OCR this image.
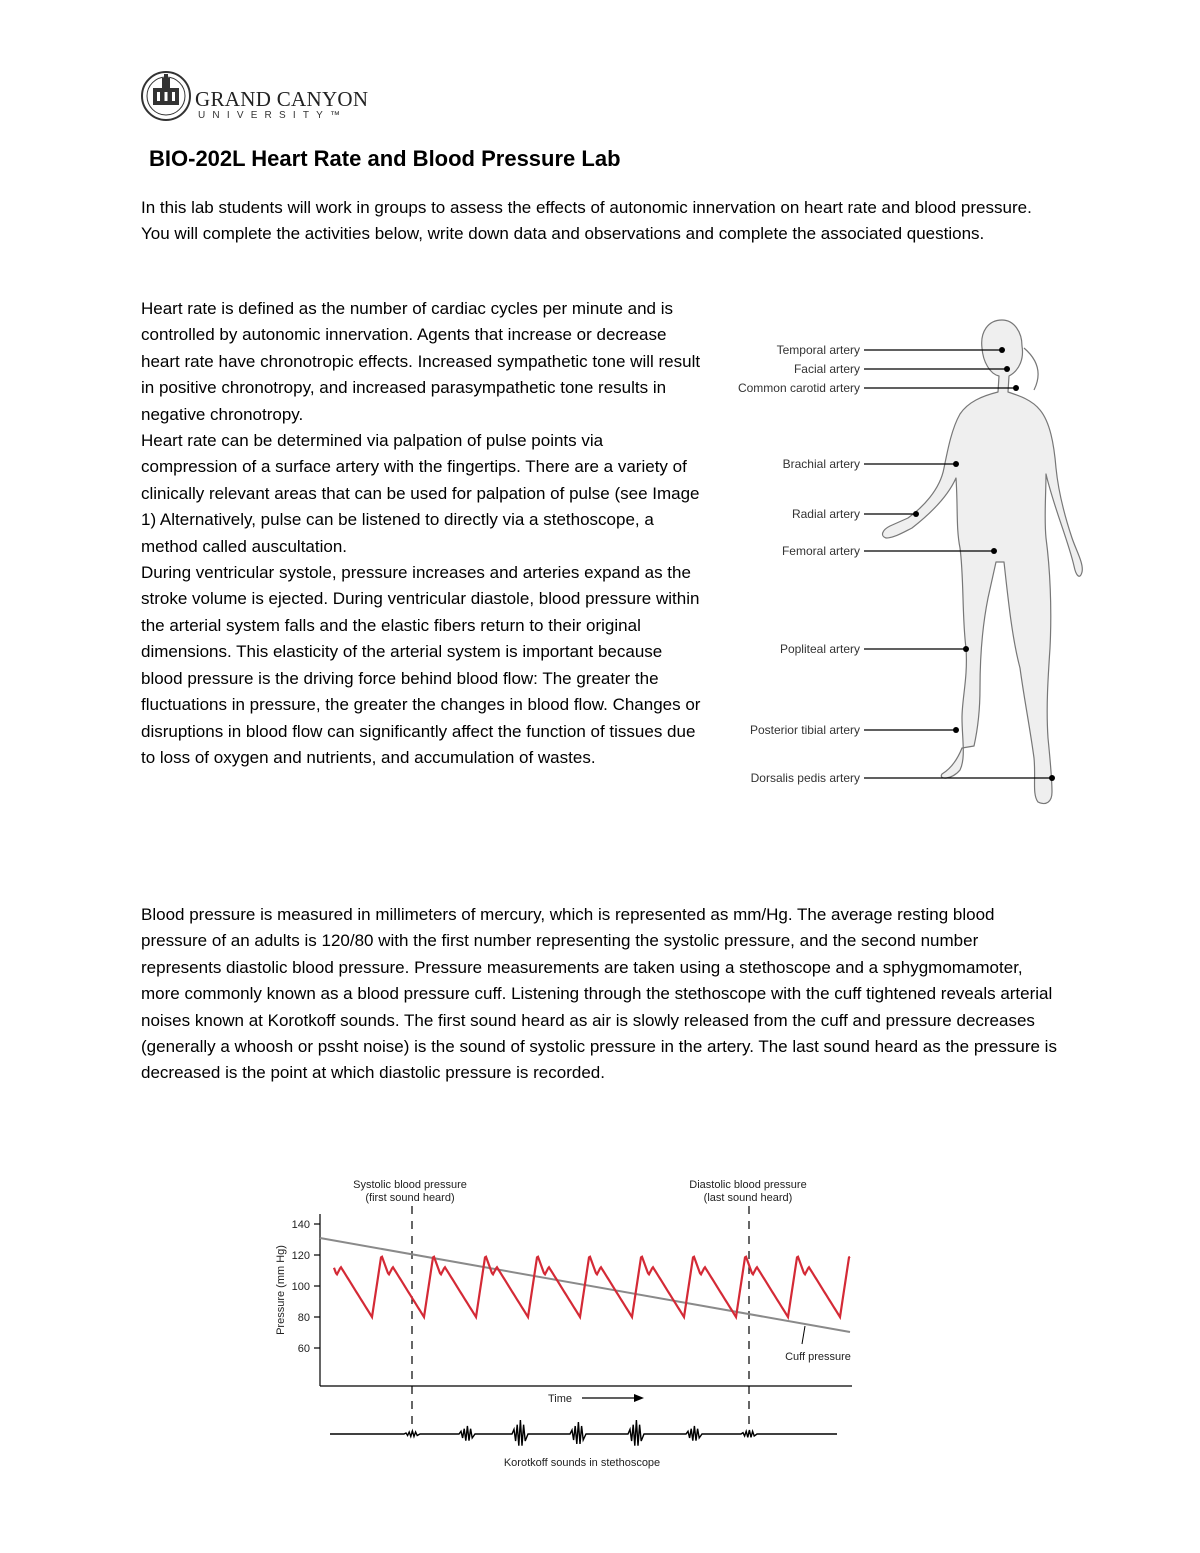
GRAND CANYON
UNIVERSITY™
BIO-202L Heart Rate and Blood Pressure Lab
In this lab students will work in groups to assess the effects of autonomic innervation on heart rate and blood pressure. You will complete the activities below, write down data and observations and complete the associated questions.
Heart rate is defined as the number of cardiac cycles per minute and is controlled by autonomic innervation. Agents that increase or decrease heart rate have chronotropic effects. Increased sympathetic tone will result in positive chronotropy, and increased parasympathetic tone results in negative chronotropy.
Heart rate can be determined via palpation of pulse points via compression of a surface artery with the fingertips. There are a variety of clinically relevant areas that can be used for palpation of pulse (see Image 1) Alternatively, pulse can be listened to directly via a stethoscope, a method called auscultation.
During ventricular systole, pressure increases and arteries expand as the stroke volume is ejected. During ventricular diastole, blood pressure within the arterial system falls and the elastic fibers return to their original dimensions. This elasticity of the arterial system is important because blood pressure is the driving force behind blood flow: The greater the fluctuations in pressure, the greater the changes in blood flow. Changes or disruptions in blood flow can significantly affect the function of tissues due to loss of oxygen and nutrients, and accumulation of wastes.
Temporal artery
Facial artery
Common carotid artery
Brachial artery
Radial artery
Femoral artery
Popliteal artery
Posterior tibial artery
Dorsalis pedis artery
Blood pressure is measured in millimeters of mercury, which is represented as mm/Hg. The average resting blood pressure of an adults is 120/80 with the first number representing the systolic pressure, and the second number represents diastolic blood pressure. Pressure measurements are taken using a stethoscope and a sphygmomamoter, more commonly known as a blood pressure cuff. Listening through the stethoscope with the cuff tightened reveals arterial noises known at Korotkoff sounds. The first sound heard as air is slowly released from the cuff and pressure decreases (generally a whoosh or pssht noise) is the sound of systolic pressure in the artery. The last sound heard as the pressure is decreased is the point at which diastolic pressure is recorded.
Systolic blood pressure
(first sound heard)
Diastolic blood pressure
(last sound heard)
140
120
100
80
60
Pressure (mm Hg)
Cuff pressure
Time
Korotkoff sounds in stethoscope
